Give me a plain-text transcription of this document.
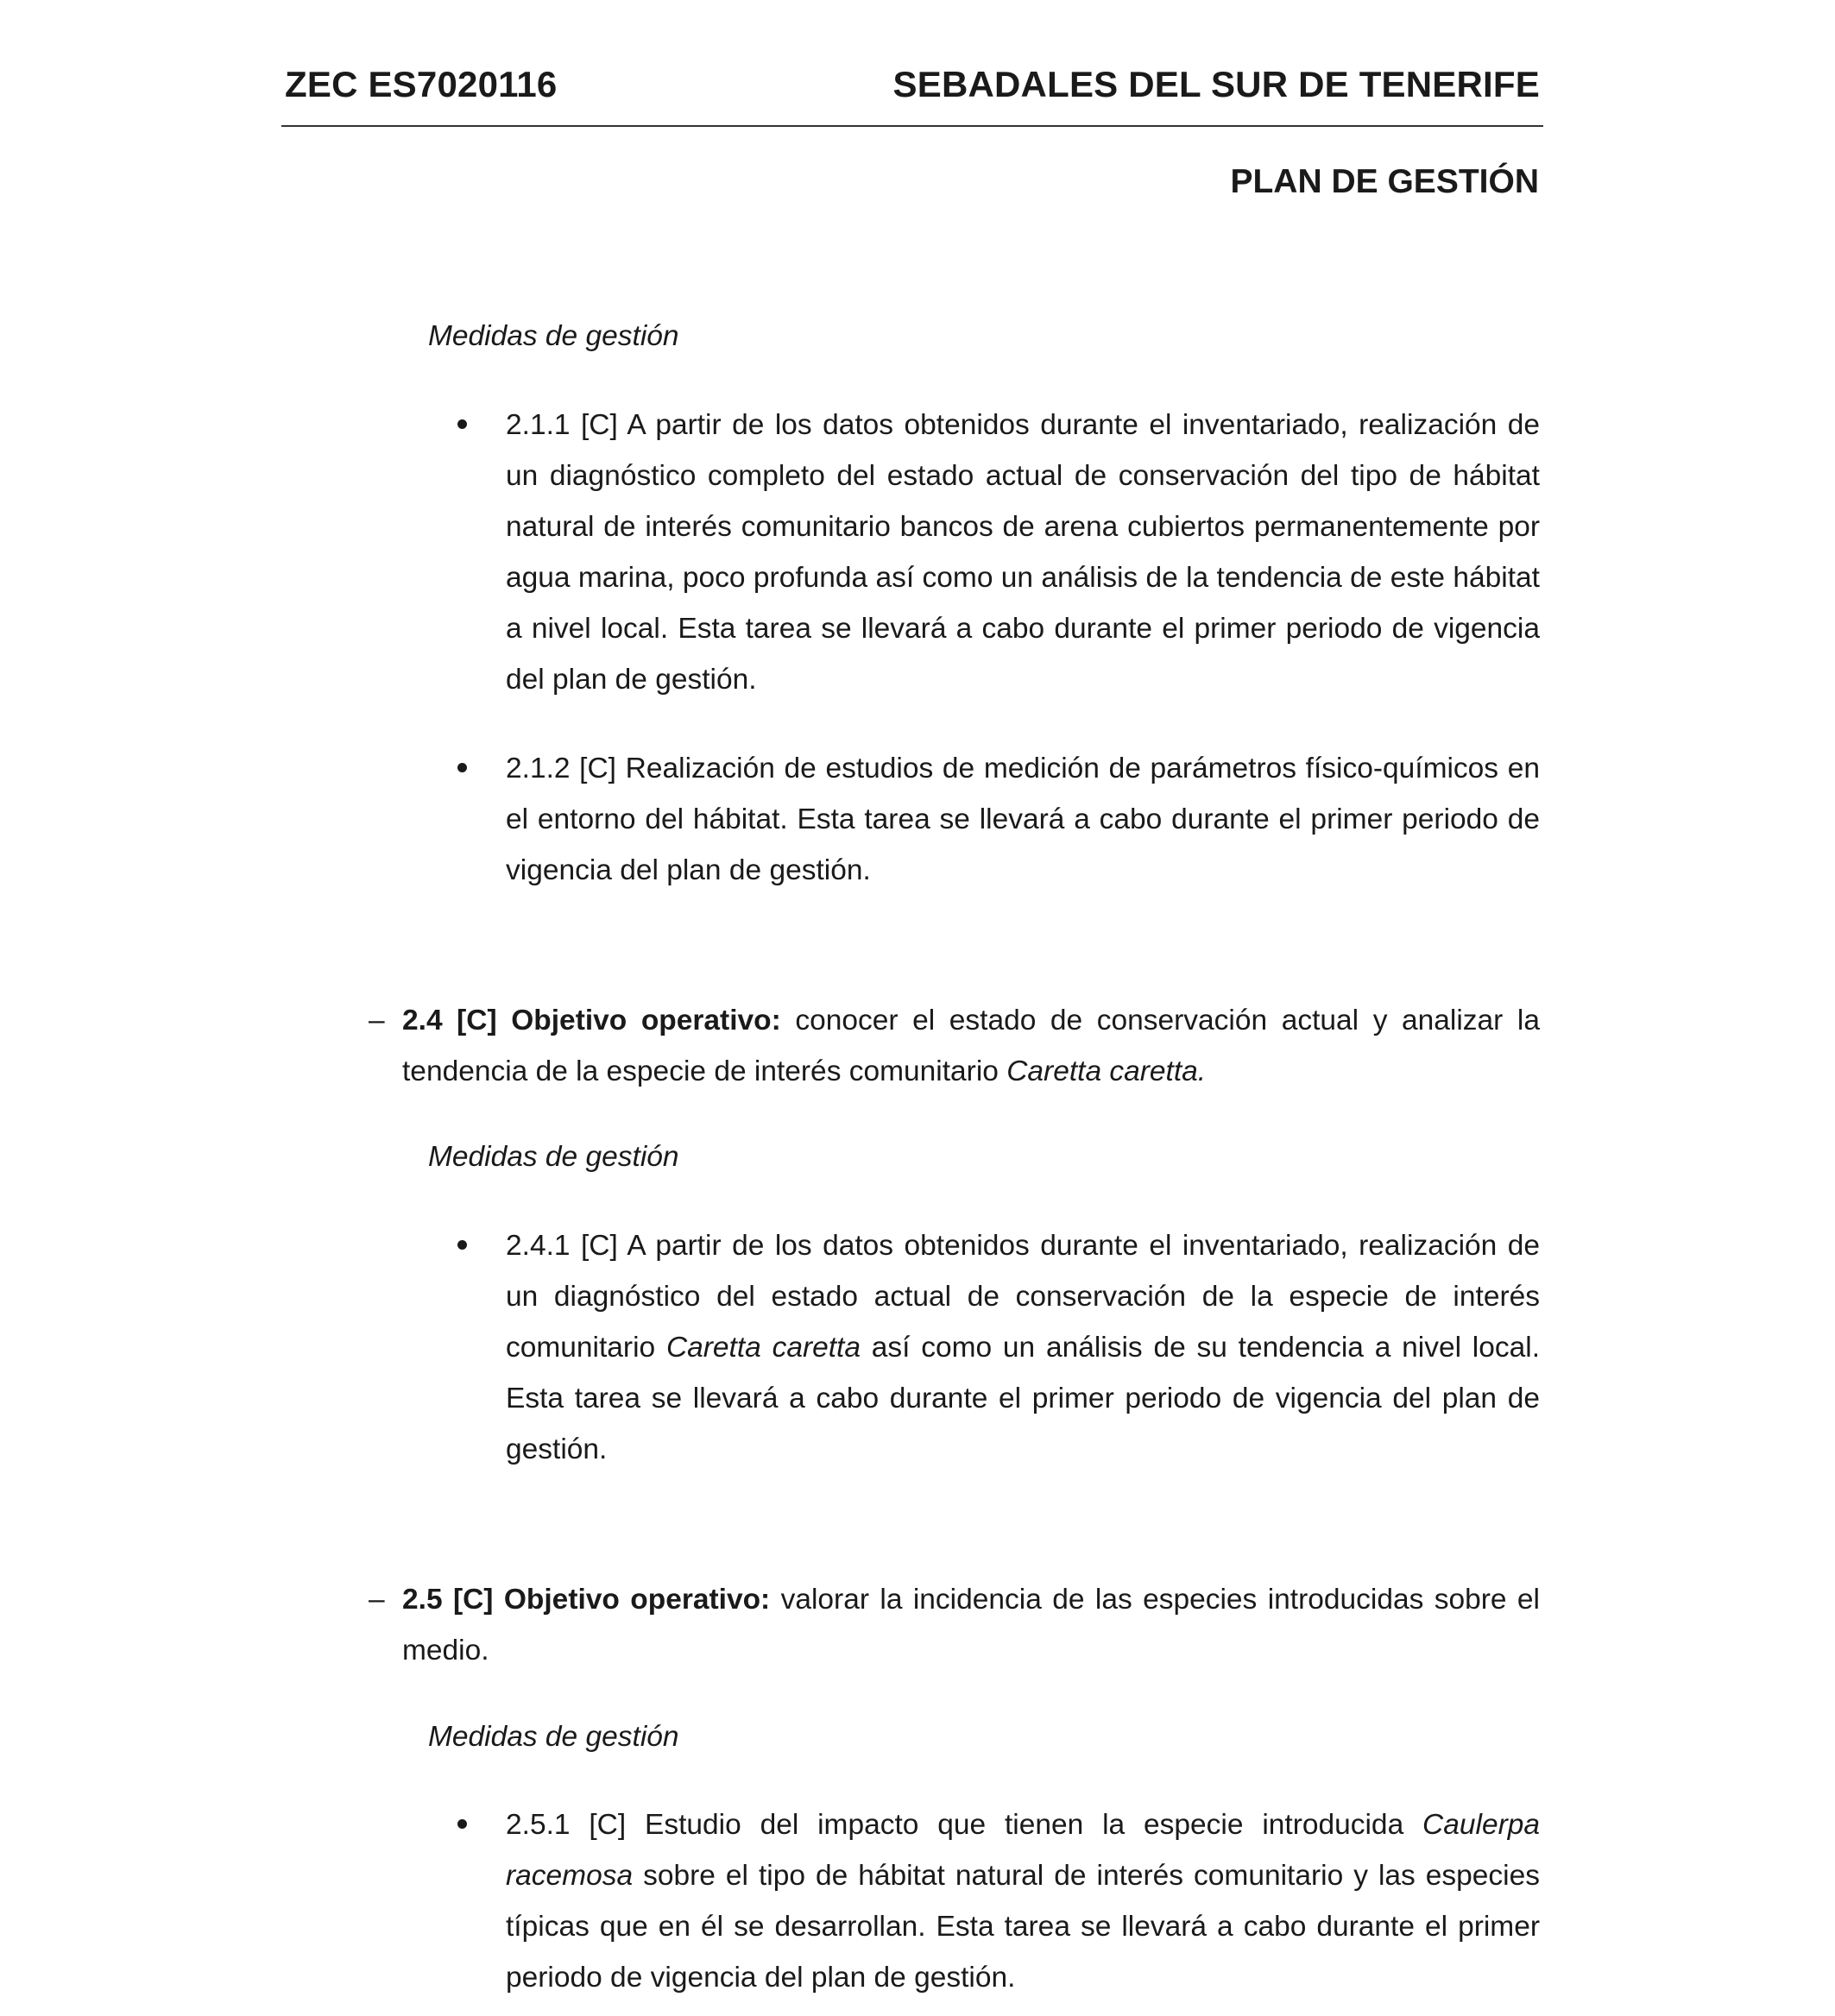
ZEC ES7020116	SEBADALES DEL SUR DE TENERIFE
PLAN DE GESTIÓN
Medidas de gestión
2.1.1 [C] A partir de los datos obtenidos durante el inventariado, realización de un diagnóstico completo del estado actual de conservación del tipo de hábitat natural de interés comunitario bancos de arena cubiertos permanentemente por agua marina, poco profunda así como un análisis de la tendencia de este hábitat a nivel local. Esta tarea se llevará a cabo durante el primer periodo de vigencia del plan de gestión.
2.1.2 [C] Realización de estudios de medición de parámetros físico-químicos en el entorno del hábitat. Esta tarea se llevará a cabo durante el primer periodo de vigencia del plan de gestión.
– 2.4 [C] Objetivo operativo: conocer el estado de conservación actual y analizar la tendencia de la especie de interés comunitario Caretta caretta.
Medidas de gestión
2.4.1 [C] A partir de los datos obtenidos durante el inventariado, realización de un diagnóstico del estado actual de conservación de la especie de interés comunitario Caretta caretta así como un análisis de su tendencia a nivel local. Esta tarea se llevará a cabo durante el primer periodo de vigencia del plan de gestión.
– 2.5 [C] Objetivo operativo: valorar la incidencia de las especies introducidas sobre el medio.
Medidas de gestión
2.5.1 [C] Estudio del impacto que tienen la especie introducida Caulerpa racemosa sobre el tipo de hábitat natural de interés comunitario y las especies típicas que en él se desarrollan. Esta tarea se llevará a cabo durante el primer periodo de vigencia del plan de gestión.
